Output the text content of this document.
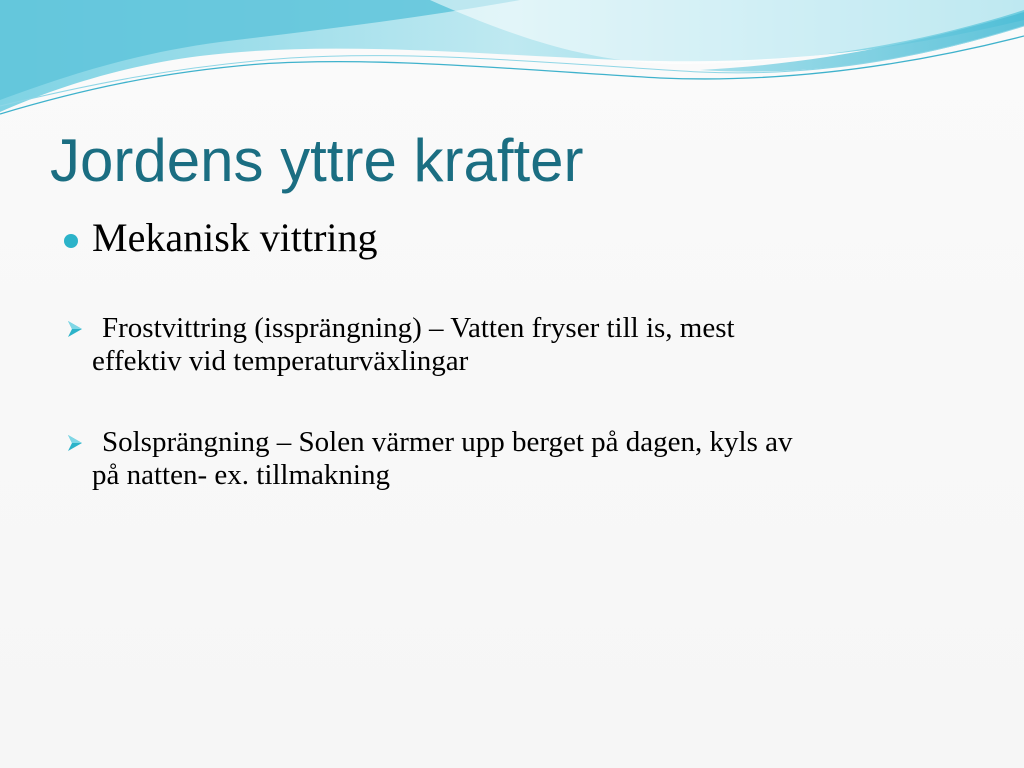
Jordens yttre krafter
Mekanisk vittring
Frostvittring (issprängning) – Vatten fryser till is, mest
effektiv vid temperaturväxlingar
Solsprängning – Solen värmer upp berget på dagen, kyls av
på natten- ex. tillmakning
